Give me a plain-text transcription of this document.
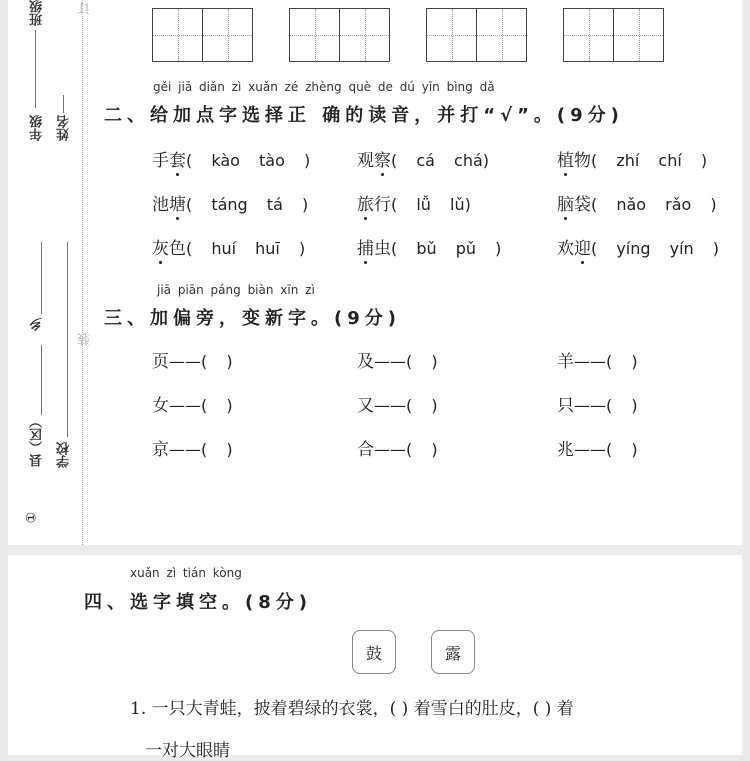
班级
年级 姓名
乡
县（区） 学校
①
订
装
gěi jiā diǎn zì xuǎn zé zhèng què de dú yīn bìng dǎ
二、给加点字选择正 确的读音，并打“√”。(9分)
手套( kào tào )	观察( cá chá)	植物( zhí chí )
池塘( táng tá )	旅行( lǚ lǔ)	脑袋( nǎo rǎo )
灰色( huí huī )	捕虫( bǔ pǔ )	欢迎( yíng yín )
jiā piān páng biàn xīn zì
三、加偏旁，变新字。(9分)
页——( )	及——( )	羊——( )
女——( )	又——( )	只——( )
京——( )	合——( )	兆——( )
xuǎn zì tián kòng
四、选字填空。(8分)
鼓	露
1. 一只大青蛙，披着碧绿的衣裳，( ) 着雪白的肚皮，( ) 着
一对大眼睛
